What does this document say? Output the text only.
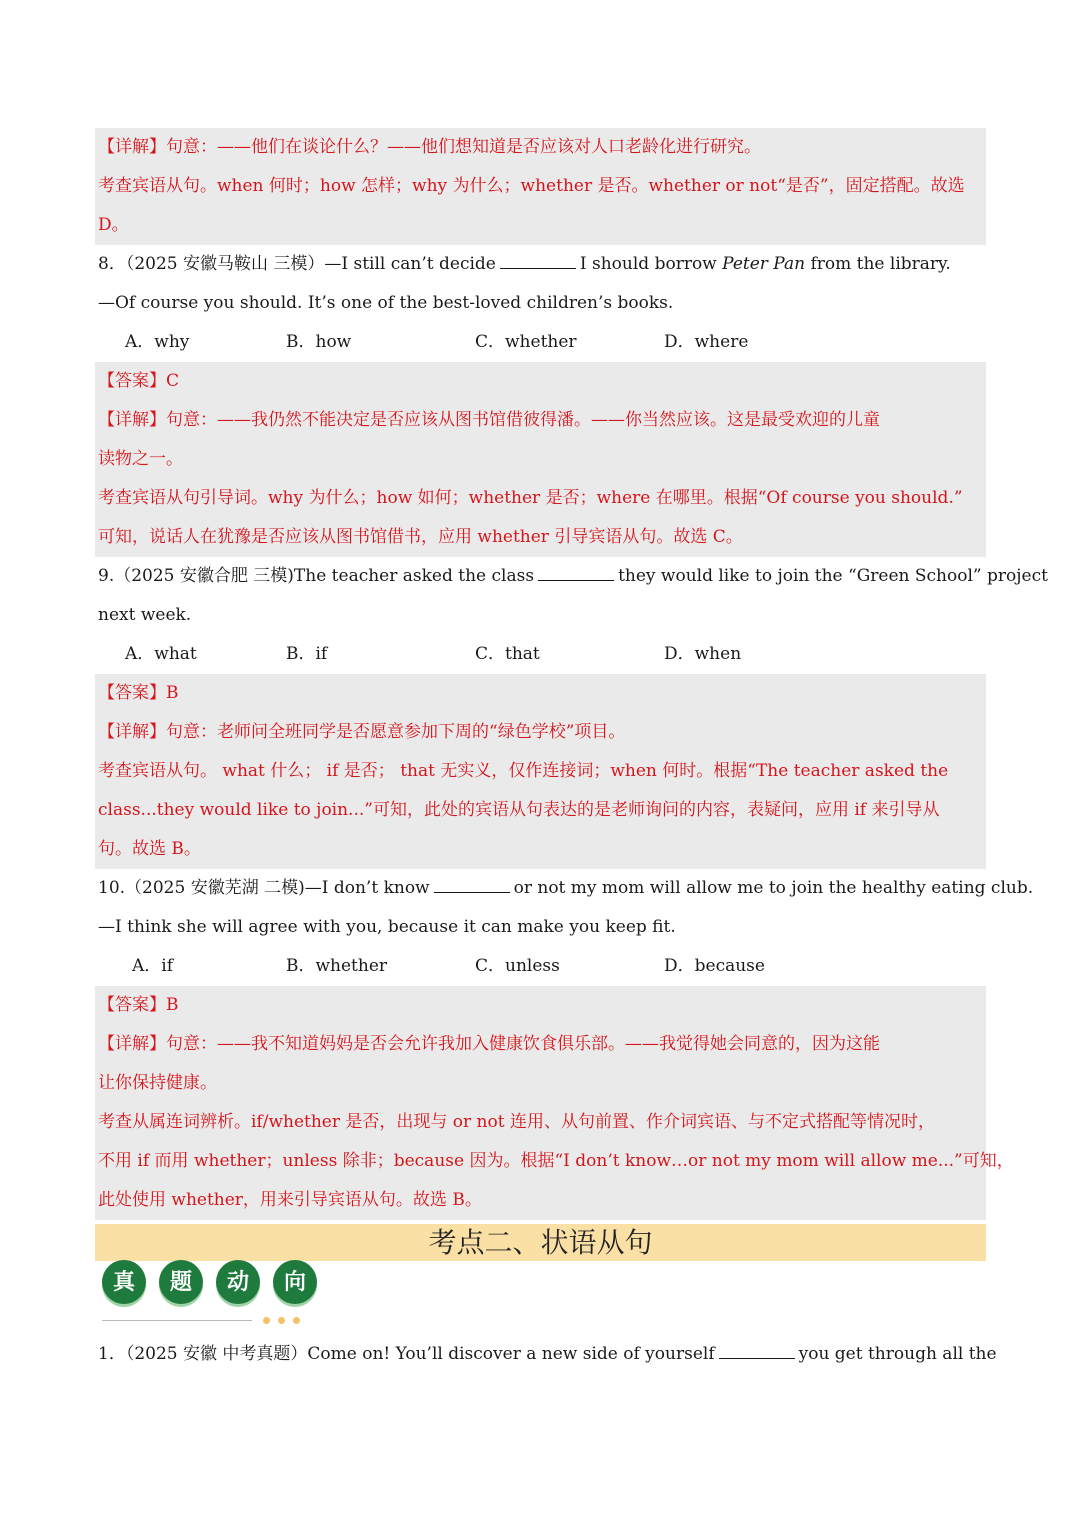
【详解】句意：——他们在谈论什么？——他们想知道是否应该对人口老龄化进行研究。
考查宾语从句。when 何时；how 怎样；why 为什么；whether 是否。whether or not“是否”，固定搭配。故选
D。
8．（2025 安徽马鞍山 三模）—I still can’t decide	I should borrow Peter Pan from the library.
—Of course you should. It’s one of the best-loved children’s books.
A．why	B．how	C．whether	D．where
【答案】C
【详解】句意：——我仍然不能决定是否应该从图书馆借彼得潘。——你当然应该。这是最受欢迎的儿童
读物之一。
考查宾语从句引导词。why 为什么；how 如何；whether 是否；where 在哪里。根据“Of course you should.”
可知，说话人在犹豫是否应该从图书馆借书，应用 whether 引导宾语从句。故选 C。
9.（2025 安徽合肥 三模)The teacher asked the class	they would like to join the “Green School” project
next week.
A．what	B．if	C．that	D．when
【答案】B
【详解】句意：老师问全班同学是否愿意参加下周的“绿色学校”项目。
考查宾语从句。 what 什么； if 是否； that 无实义，仅作连接词；when 何时。根据“The teacher asked the
class...they would like to join...”可知，此处的宾语从句表达的是老师询问的内容，表疑问，应用 if 来引导从
句。故选 B。
10.（2025 安徽芜湖 二模)—I don’t know	or not my mom will allow me to join the healthy eating club.
—I think she will agree with you, because it can make you keep fit.
A．if	B．whether	C．unless	D．because
【答案】B
【详解】句意：——我不知道妈妈是否会允许我加入健康饮食俱乐部。——我觉得她会同意的，因为这能
让你保持健康。
考查从属连词辨析。if/whether 是否，出现与 or not 连用、从句前置、作介词宾语、与不定式搭配等情况时，
不用 if 而用 whether；unless 除非；because 因为。根据“I don’t know…or not my mom will allow me...”可知，
此处使用 whether，用来引导宾语从句。故选 B。
考点二、状语从句
真	题	动	向
1．（2025 安徽 中考真题）Come on! You’ll discover a new side of yourself	you get through all the
